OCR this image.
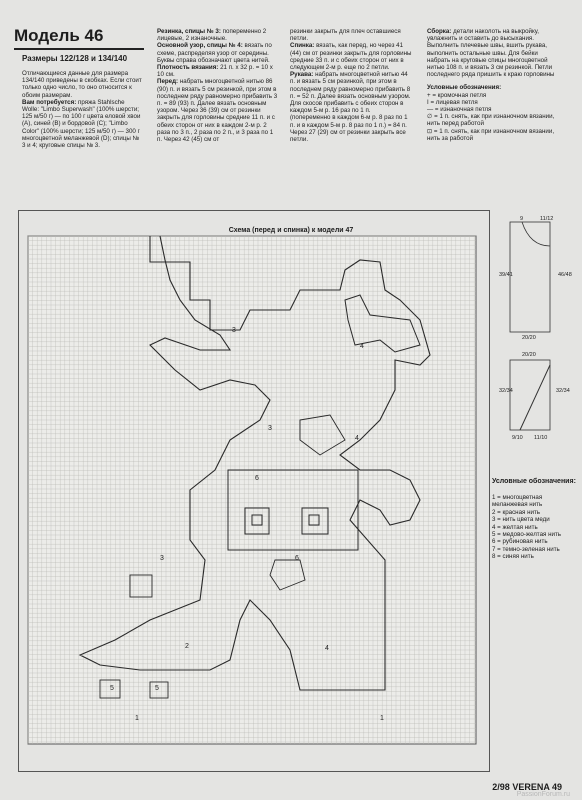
Модель 46
Размеры 122/128 и 134/140

Отличающиеся данные для размера 134/140 приведены в скобках. Если стоит только одно число, то оно относится к обоим размерам.

Вам потребуется: пряжа Stahlsche Wolle: "Limbo Superwash" (100% шерсти; 125 м/50 г) — по 100 г цвета еловой хвои (A), синей (B) и бордовой (C); "Limbo Color" (100% шерсти; 125 м/50 г) — 300 г многоцветной меланжевой (D); спицы № 3 и 4; круговые спицы № 3.

Резинка, спицы № 3: попеременно 2 лицевые, 2 изнаночные.

Основной узор, спицы № 4: вязать по схеме, распределяя узор от середины. Буквы справа обозначают цвета нитей.

Плотность вязания: 21 п. x 32 р. = 10 x 10 см.

Перед: набрать многоцветной нитью 86 (90) п. и вязать 5 см резинкой, при этом в последнем ряду равномерно прибавить 3 п. = 89 (93) п. Далее вязать основным узором. Через 36 (39) см от резинки закрыть для горловины средние 11 п. и с обеих сторон от них в каждом 2-м р. 2 раза по 3 п., 2 раза по 2 п., и 3 раза по 1 п. Через 42 (45) см от

резинки закрыть для плеч оставшиеся петли.

Спинка: вязать, как перед, но через 41 (44) см от резинки закрыть для горловины средние 33 п. и с обеих сторон от них в следующем 2-м р. еще по 2 петли.

Рукава: набрать многоцветной нитью 44 п. и вязать 5 см резинкой, при этом в последнем ряду равномерно прибавить 8 п. = 52 п. Далее вязать основным узором. Для скосов прибавить с обеих сторон в каждом 5-м р. 16 раз по 1 п. (попеременно в каждом 6-м р. 8 раз по 1 п. и в каждом 5-м р. 8 раз по 1 п.) = 84 п. Через 27 (29) см от резинки закрыть все петли.

Сборка: детали наколоть на выкройку, увлажнить и оставить до высыхания. Выполнить плечевые швы, вшить рукава, выполнить остальные швы. Для бейки набрать на круговые спицы многоцветной нитью 108 п. и вязать 3 см резинкой. Петли последнего ряда пришить к краю горловины

Условные обозначения:

+ = кромочная петля

I = лицевая петля

— = изнаночная петля

∅ = 1 п. снять, как при изнаночном вязании, нить перед работой

⊡ = 1 п. снять, как при изнаночном вязании, нить за работой

Схема (перед и спинка) к модели 47
3
4
3
4
6
6
3
1
5	5
2
1
4
Условные обозначения:
1 = многоцветная меланжевая нить
2 = красная нить
3 = нить цвета меди
4 = желтая нить
5 = медово-желтая нить
6 = рубиновая нить
7 = темно-зеленая нить
8 = синяя нить
9	11/12
39/41	46/48
20/20
20/20
32/34	32/34
9/10 11/10
2/98 VERENA 49
PassionForum.ru
